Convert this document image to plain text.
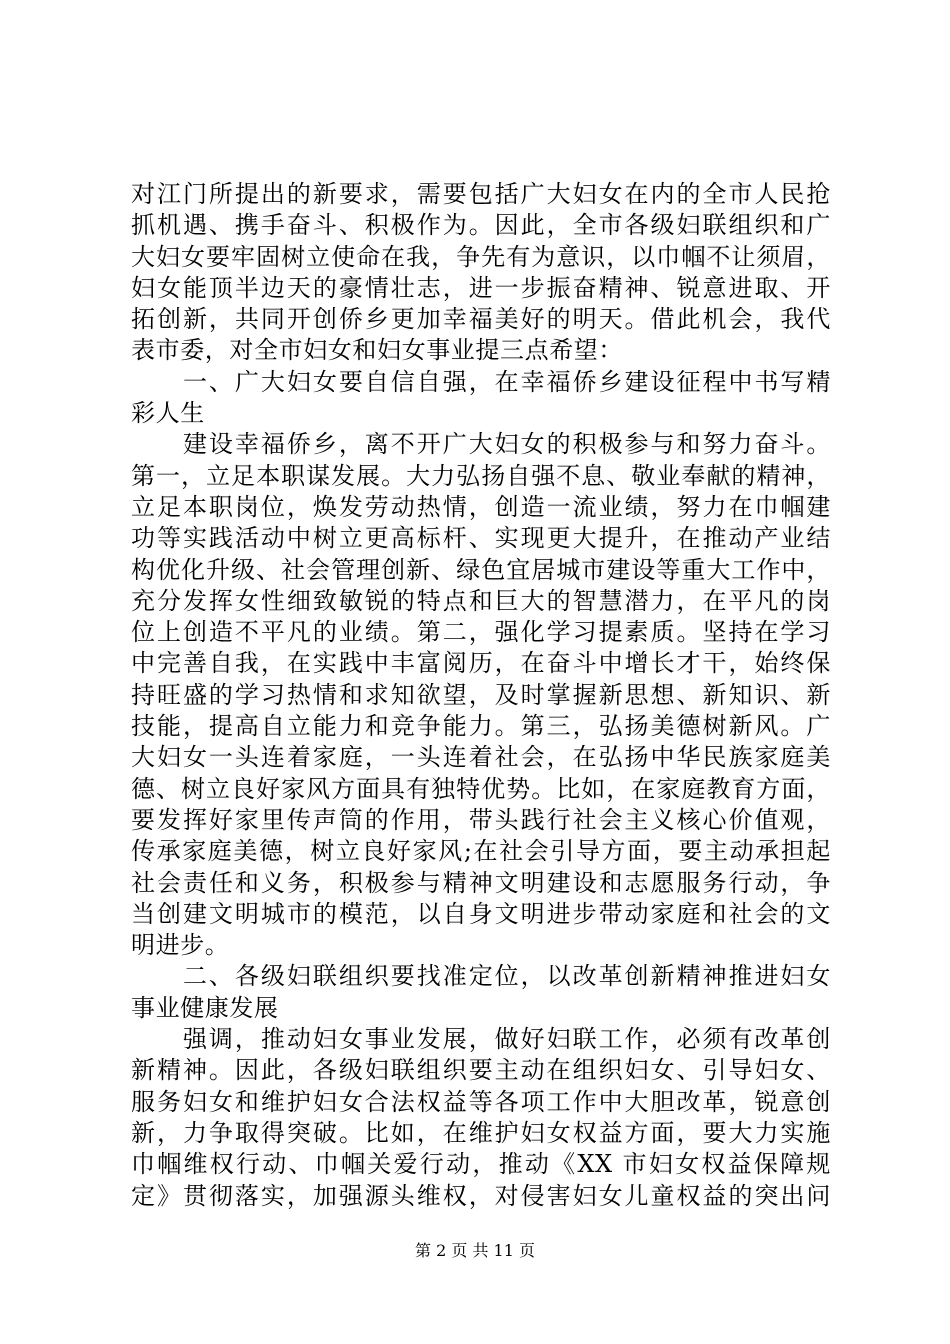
对江门所提出的新要求，需要包括广大妇女在内的全市人民抢
抓机遇、携手奋斗、积极作为。因此，全市各级妇联组织和广
大妇女要牢固树立使命在我，争先有为意识，以巾帼不让须眉，
妇女能顶半边天的豪情壮志，进一步振奋精神、锐意进取、开
拓创新，共同开创侨乡更加幸福美好的明天。借此机会，我代
表市委，对全市妇女和妇女事业提三点希望：
　　一、广大妇女要自信自强，在幸福侨乡建设征程中书写精
彩人生
　　建设幸福侨乡，离不开广大妇女的积极参与和努力奋斗。
第一，立足本职谋发展。大力弘扬自强不息、敬业奉献的精神，
立足本职岗位，焕发劳动热情，创造一流业绩，努力在巾帼建
功等实践活动中树立更高标杆、实现更大提升，在推动产业结
构优化升级、社会管理创新、绿色宜居城市建设等重大工作中，
充分发挥女性细致敏锐的特点和巨大的智慧潜力，在平凡的岗
位上创造不平凡的业绩。第二，强化学习提素质。坚持在学习
中完善自我，在实践中丰富阅历，在奋斗中增长才干，始终保
持旺盛的学习热情和求知欲望，及时掌握新思想、新知识、新
技能，提高自立能力和竞争能力。第三，弘扬美德树新风。广
大妇女一头连着家庭，一头连着社会，在弘扬中华民族家庭美
德、树立良好家风方面具有独特优势。比如，在家庭教育方面，
要发挥好家里传声筒的作用，带头践行社会主义核心价值观，
传承家庭美德，树立良好家风;在社会引导方面，要主动承担起
社会责任和义务，积极参与精神文明建设和志愿服务行动，争
当创建文明城市的模范，以自身文明进步带动家庭和社会的文
明进步。
　　二、各级妇联组织要找准定位，以改革创新精神推进妇女
事业健康发展
　　强调，推动妇女事业发展，做好妇联工作，必须有改革创
新精神。因此，各级妇联组织要主动在组织妇女、引导妇女、
服务妇女和维护妇女合法权益等各项工作中大胆改革，锐意创
新，力争取得突破。比如，在维护妇女权益方面，要大力实施
巾帼维权行动、巾帼关爱行动，推动《XX 市妇女权益保障规
定》贯彻落实，加强源头维权，对侵害妇女儿童权益的突出问
第 2 页 共 11 页
